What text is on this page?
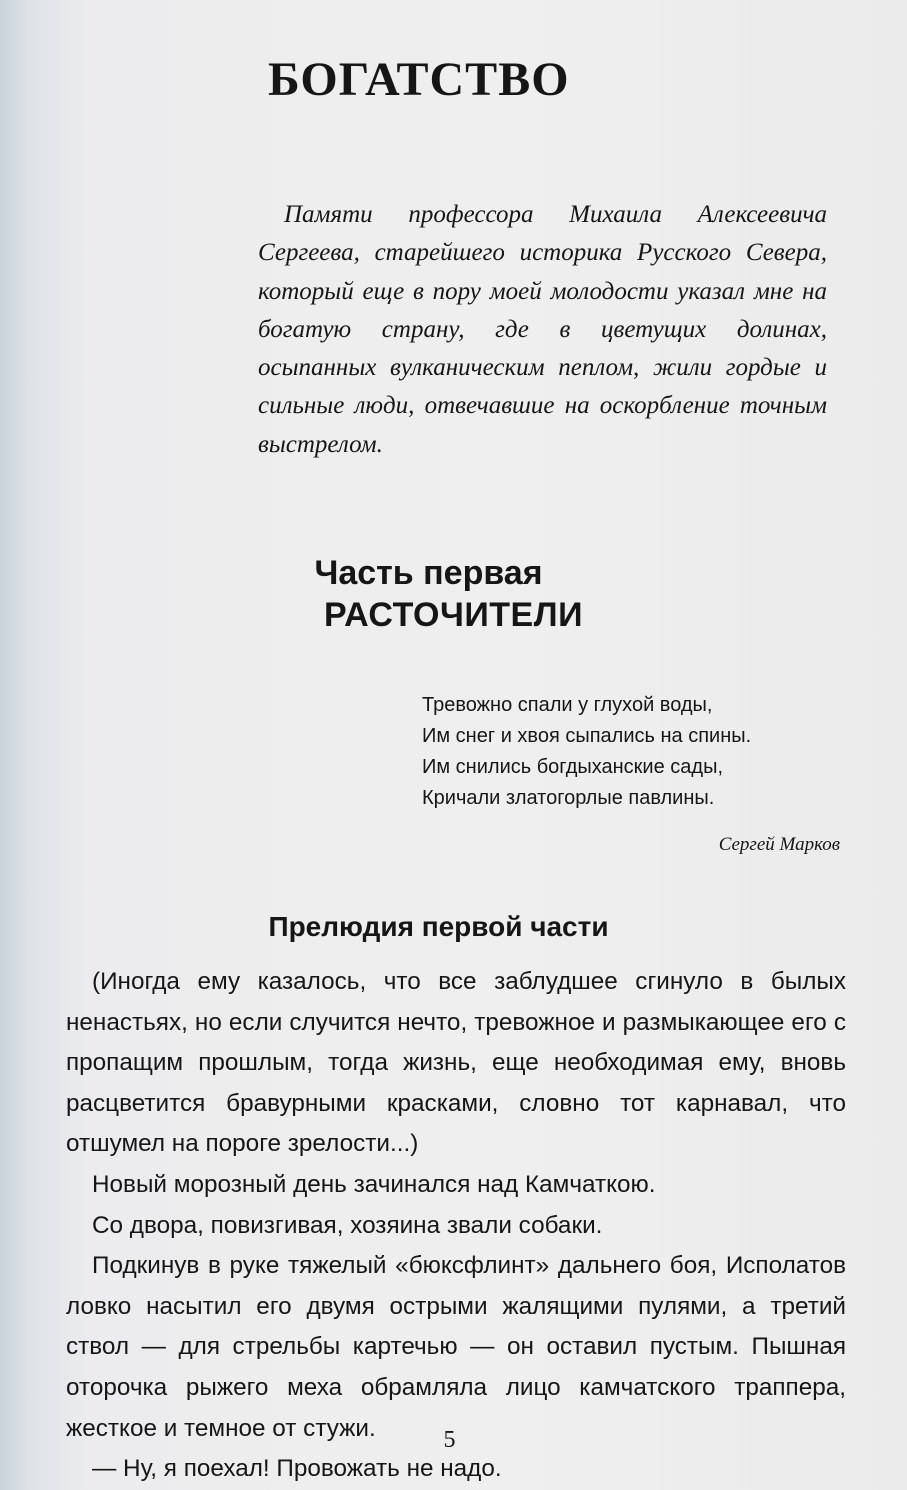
БОГАТСТВО

Памяти профессора Михаила Алексеевича Сергеева, старейшего историка Русского Севера, который еще в пору моей молодости указал мне на богатую страну, где в цветущих долинах, осыпанных вулканическим пеплом, жили гордые и сильные люди, отвечавшие на оскорбление точным выстрелом.

Часть первая
РАСТОЧИТЕЛИ
Тревожно спали у глухой воды,
Им снег и хвоя сыпались на спины.
Им снились богдыханские сады,
Кричали златогорлые павлины.
Сергей Марков
Прелюдия первой части

(Иногда ему казалось, что все заблудшее сгинуло в былых ненастьях, но если случится нечто, тревожное и размыкающее его с пропащим прошлым, тогда жизнь, еще необходимая ему, вновь расцветится бравурными красками, словно тот карнавал, что отшумел на пороге зрелости...)

Новый морозный день зачинался над Камчаткою.

Со двора, повизгивая, хозяина звали собаки.

Подкинув в руке тяжелый «бюксфлинт» дальнего боя, Исполатов ловко насытил его двумя острыми жалящими пулями, а третий ствол — для стрельбы картечью — он оставил пустым. Пышная оторочка рыжего меха обрамляла лицо камчатского траппера, жесткое и темное от стужи.

— Ну, я поехал! Провожать не надо.

5
